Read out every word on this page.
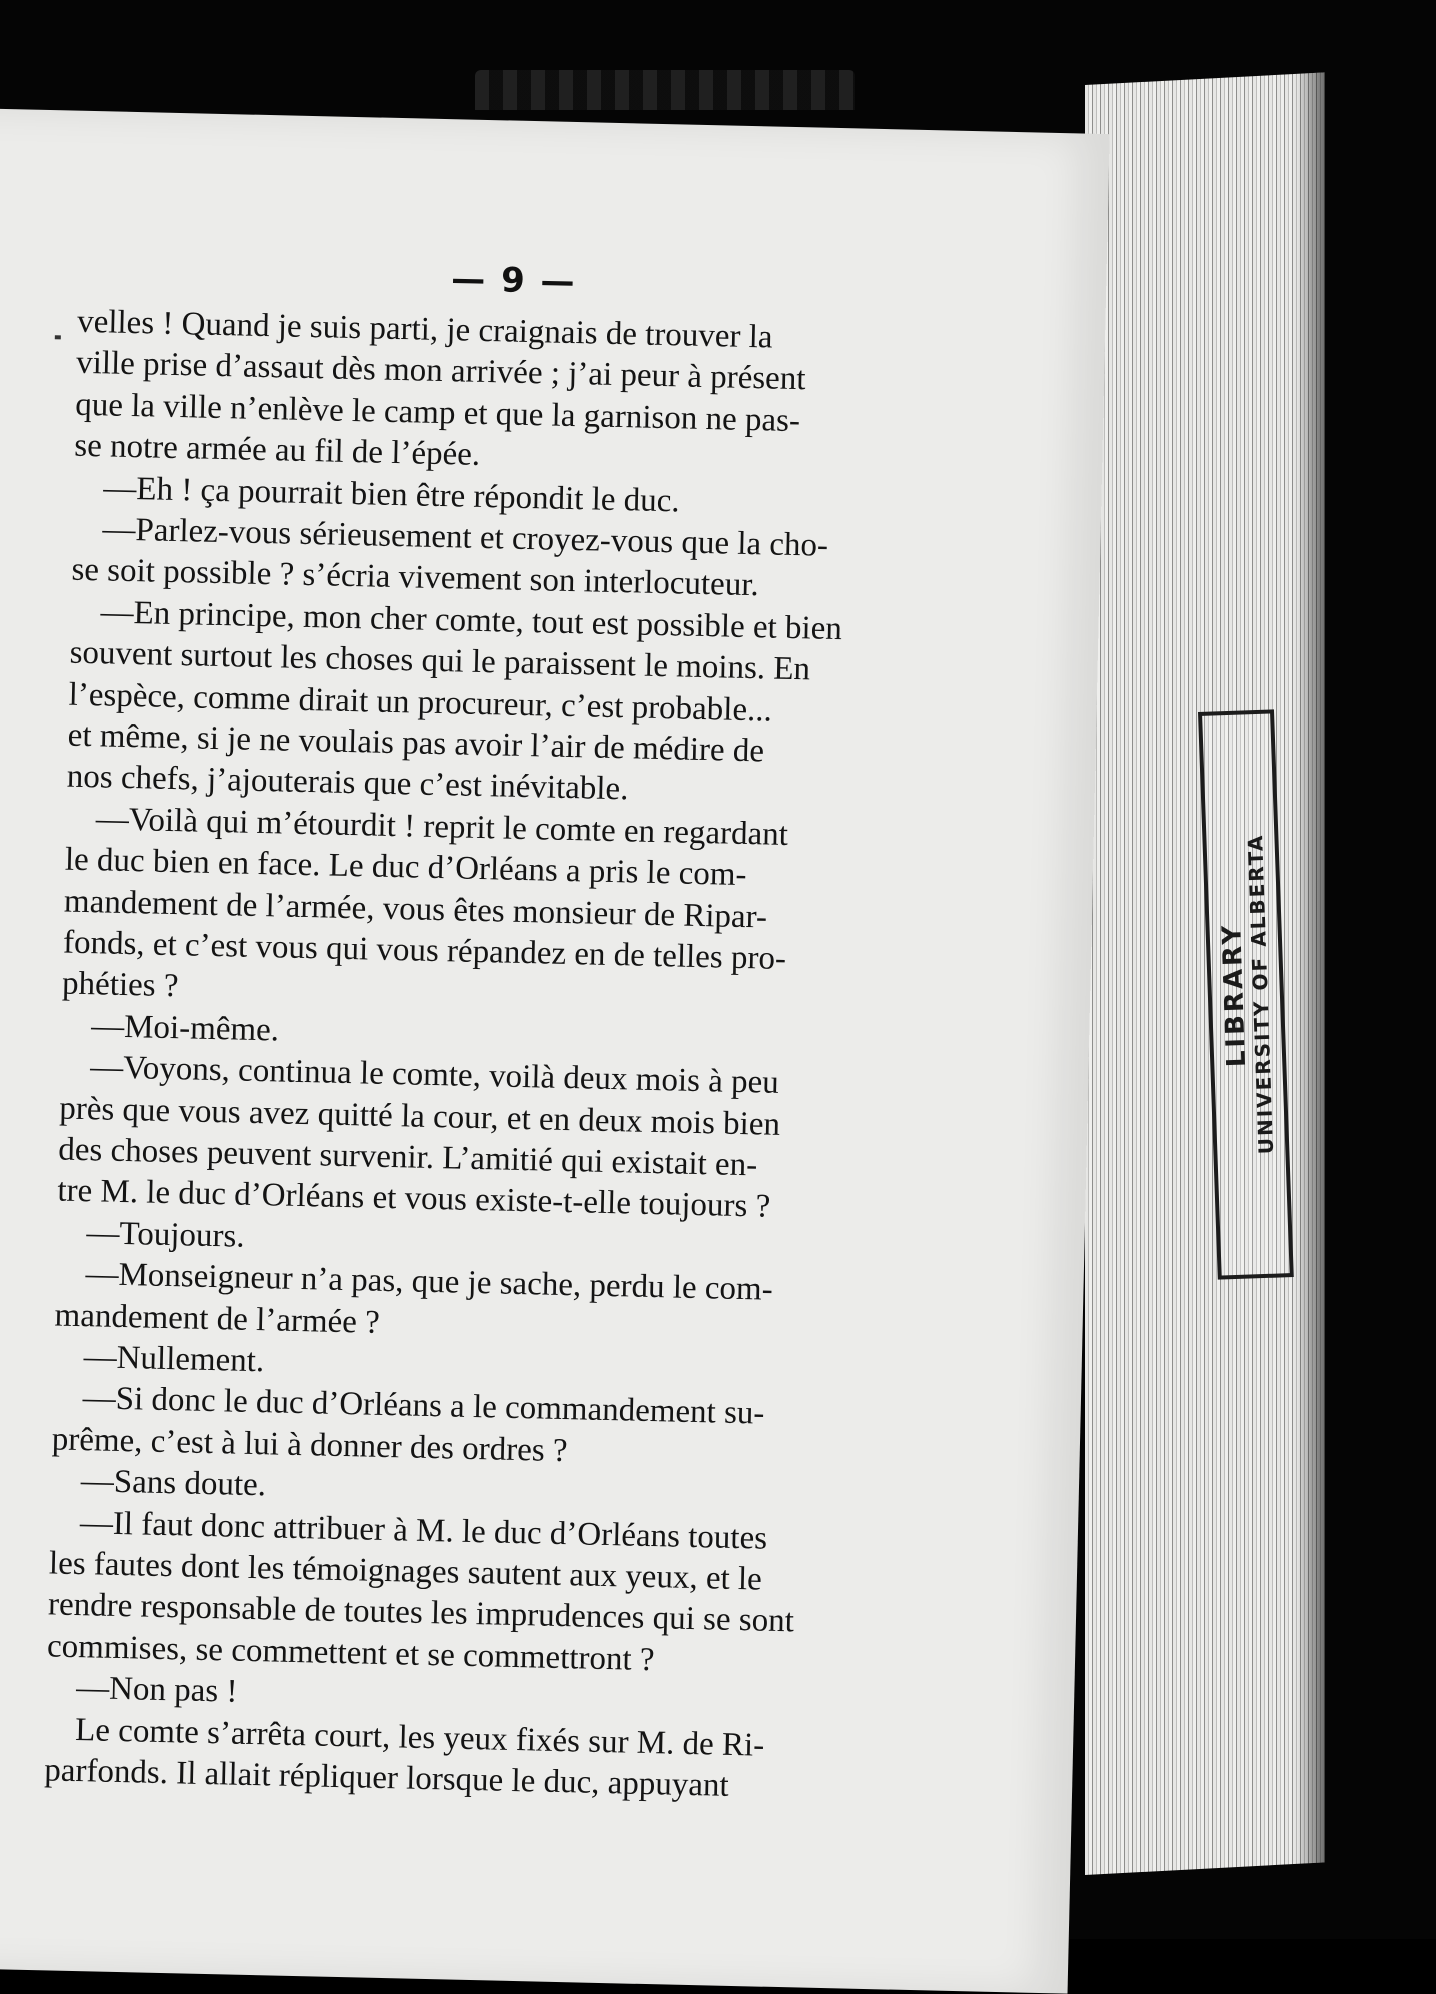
LIBRARY
UNIVERSITY OF ALBERTA
— 9 —
velles ! Quand je suis parti, je craignais de trouver la
ville prise d’assaut dès mon arrivée ; j’ai peur à présent
que la ville n’enlève le camp et que la garnison ne pas-
se notre armée au fil de l’épée.
—Eh ! ça pourrait bien être répondit le duc.
—Parlez-vous sérieusement et croyez-vous que la cho-
se soit possible ? s’écria vivement son interlocuteur.
—En principe, mon cher comte, tout est possible et bien
souvent surtout les choses qui le paraissent le moins. En
l’espèce, comme dirait un procureur, c’est probable...
et même, si je ne voulais pas avoir l’air de médire de
nos chefs, j’ajouterais que c’est inévitable.
—Voilà qui m’étourdit ! reprit le comte en regardant
le duc bien en face. Le duc d’Orléans a pris le com-
mandement de l’armée, vous êtes monsieur de Ripar-
fonds, et c’est vous qui vous répandez en de telles pro-
phéties ?
—Moi-même.
—Voyons, continua le comte, voilà deux mois à peu
près que vous avez quitté la cour, et en deux mois bien
des choses peuvent survenir. L’amitié qui existait en-
tre M. le duc d’Orléans et vous existe-t-elle toujours ?
—Toujours.
—Monseigneur n’a pas, que je sache, perdu le com-
mandement de l’armée ?
—Nullement.
—Si donc le duc d’Orléans a le commandement su-
prême, c’est à lui à donner des ordres ?
—Sans doute.
—Il faut donc attribuer à M. le duc d’Orléans toutes
les fautes dont les témoignages sautent aux yeux, et le
rendre responsable de toutes les imprudences qui se sont
commises, se commettent et se commettront ?
—Non pas !
Le comte s’arrêta court, les yeux fixés sur M. de Ri-
parfonds. Il allait répliquer lorsque le duc, appuyant
